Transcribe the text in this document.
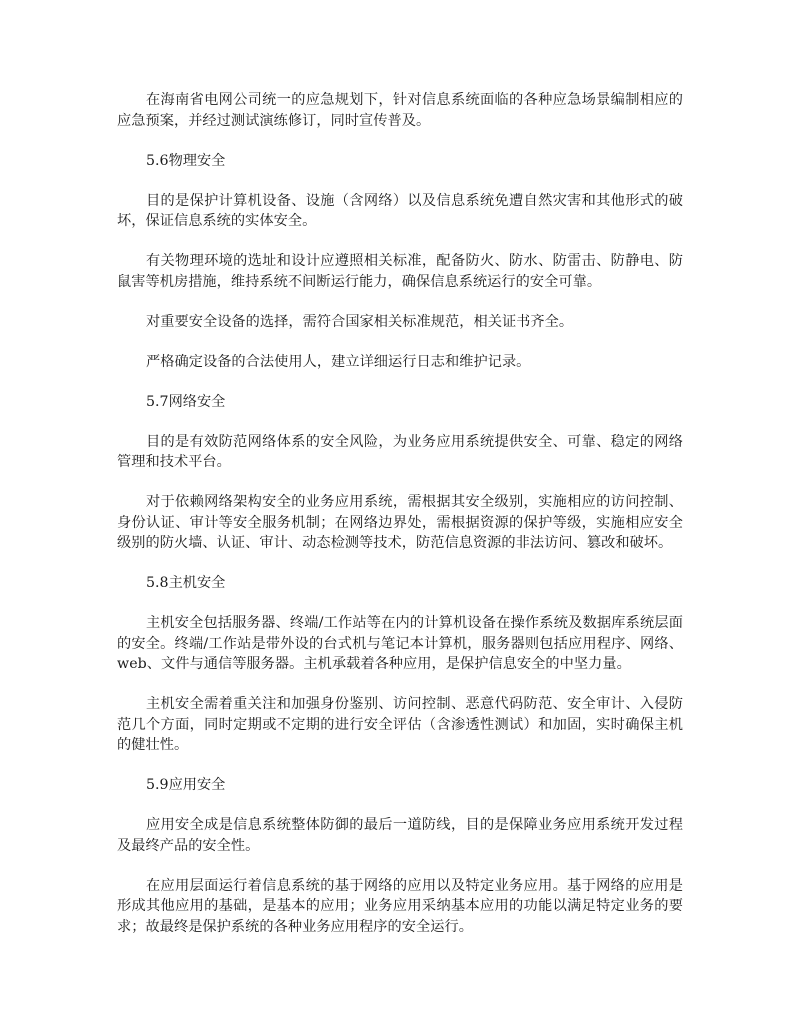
在海南省电网公司统一的应急规划下，针对信息系统面临的各种应急场景编制相应的应急预案，并经过测试演练修订，同时宣传普及。

5.6物理安全

目的是保护计算机设备、设施（含网络）以及信息系统免遭自然灾害和其他形式的破坏，保证信息系统的实体安全。

有关物理环境的选址和设计应遵照相关标准，配备防火、防水、防雷击、防静电、防鼠害等机房措施，维持系统不间断运行能力，确保信息系统运行的安全可靠。

对重要安全设备的选择，需符合国家相关标准规范，相关证书齐全。

严格确定设备的合法使用人，建立详细运行日志和维护记录。

5.7网络安全

目的是有效防范网络体系的安全风险，为业务应用系统提供安全、可靠、稳定的网络管理和技术平台。

对于依赖网络架构安全的业务应用系统，需根据其安全级别，实施相应的访问控制、身份认证、审计等安全服务机制；在网络边界处，需根据资源的保护等级，实施相应安全级别的防火墙、认证、审计、动态检测等技术，防范信息资源的非法访问、篡改和破坏。

5.8主机安全

主机安全包括服务器、终端/工作站等在内的计算机设备在操作系统及数据库系统层面的安全。终端/工作站是带外设的台式机与笔记本计算机，服务器则包括应用程序、网络、web、文件与通信等服务器。主机承载着各种应用，是保护信息安全的中坚力量。

主机安全需着重关注和加强身份鉴别、访问控制、恶意代码防范、安全审计、入侵防范几个方面，同时定期或不定期的进行安全评估（含渗透性测试）和加固，实时确保主机的健壮性。

5.9应用安全

应用安全成是信息系统整体防御的最后一道防线，目的是保障业务应用系统开发过程及最终产品的安全性。

在应用层面运行着信息系统的基于网络的应用以及特定业务应用。基于网络的应用是形成其他应用的基础，是基本的应用；业务应用采纳基本应用的功能以满足特定业务的要求；故最终是保护系统的各种业务应用程序的安全运行。
